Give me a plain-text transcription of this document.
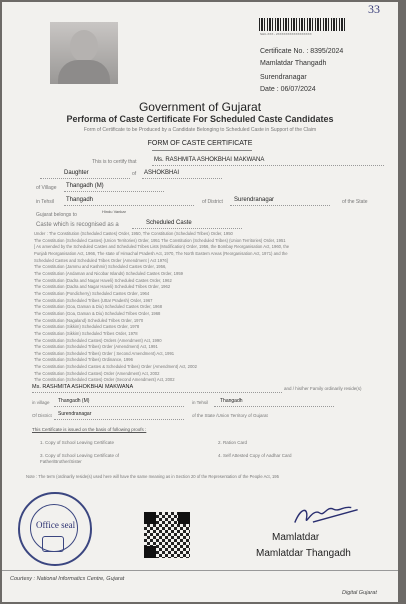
33
SHC-XXX - 2XXXXXXXXXXXXXXXXX
Certificate No. : 8395/2024
Mamlatdar Thangadh
Surendranagar
Date : 06/07/2024
Government of Gujarat
Performa of Caste Certificate For Scheduled Caste Candidates
Form of Certificate to be Produced by a Candidate Belonging to Scheduled Caste in Support of the Claim
FORM OF CASTE CERTIFICATE
This is to certify that	Ms. RASHMITA ASHOKBHAI MAKWANA
Daughter	of ASHOKBHAI
of Village Thangadh (M)
in Tehsil Thangadh	of District Surendranagar	of the State
Gujarat belongs to
Hindu Vankar
Caste which is recognised as a	Scheduled Caste
Under : The Constitution (Scheduled Castes) Order, 1950, The Constitution (Scheduled Tribes) Order, 1950
The Constitution (Scheduled Castes) (Union Territories) Order, 1951 The Constitution (Scheduled Tribes) (Union Territories) Order, 1951
[ As amended by the Scheduled Castes and Scheduled Tribes Lists (Modification) Order, 1956, the Bombay Reorganisation Act, 1960, the
Punjab Reorganisation Act, 1966, The state of Himachal Pradesh Act, 1970, The North Eastern Areas (Reorganisation Act, 1971) and the
Scheduled Castes and Scheduled Tribes Order (Amendment ) Act 1976]
The Constitution (Jammu and Kashmir) Scheduled Castes Order, 1956,
The Constitution (Andaman and Nicobar Islands) Scheduled Castes Order, 1959
The Constitution (Dadra and Nagar Haveli) Scheduled Castes Order, 1962
The Constitution (Dadra and Nagar Haveli) Scheduled Tribes Order, 1962
The Constitution (Pondicherry) Scheduled Castes Order, 1964
The Constitution (Scheduled Tribes (Uttar Pradesh) Order, 1967
The Constitution (Goa, Daman & Diu) Scheduled Castes Order, 1968
The Constitution (Goa, Daman & Diu) Scheduled Tribes Order, 1968
The Constitution (Nagaland) Scheduled Tribes Order, 1970
The Constitution (Sikkim) Scheduled Castes Order, 1978
The Constitution (Sikkim) Scheduled Tribes Order, 1978
The Constitution (Scheduled Castes) Orders (Amendment) Act, 1990
The Constitution (Scheduled Tribes) Order (Amendment) Act, 1991
The Constitution (Scheduled Tribes) Order ( Second Amendment) Act, 1991
The Constitution (Scheduled Tribes) Ordinance, 1996
The Constitution (Scheduled Castes & Scheduled Tribes) Order (Amendment) Act, 2002
The Constitution (Scheduled Castes) Order (Amendment) Act, 2002
The Constitution (Scheduled Castes) Order (Second Amendment) Act, 2002
Ms. RASHMITA ASHOKBHAI MAKWANA	and / his/her Family ordinarily reside(s)
in village Thangadh (M)	in Tehsil Thangadh
Of District Surendranagar	of the State /Union Territory of Gujarat
This Certificate is issued on the basis of following proofs :
1. Copy of School Leaving Certificate	2. Ration Card
3. Copy of School Leaving Certificate of Father/Brother/Sister
4. Self Attested Copy of Aadhar Card
Note : The term (ordinarily reside(s) used here will have the same meaning as in Section 20 of the Representation of the People Act, 195
Office seal
Mamlatdar
Mamlatdar Thangadh
Courtesy : National Informatics Centre, Gujarat
Digital Gujarat
